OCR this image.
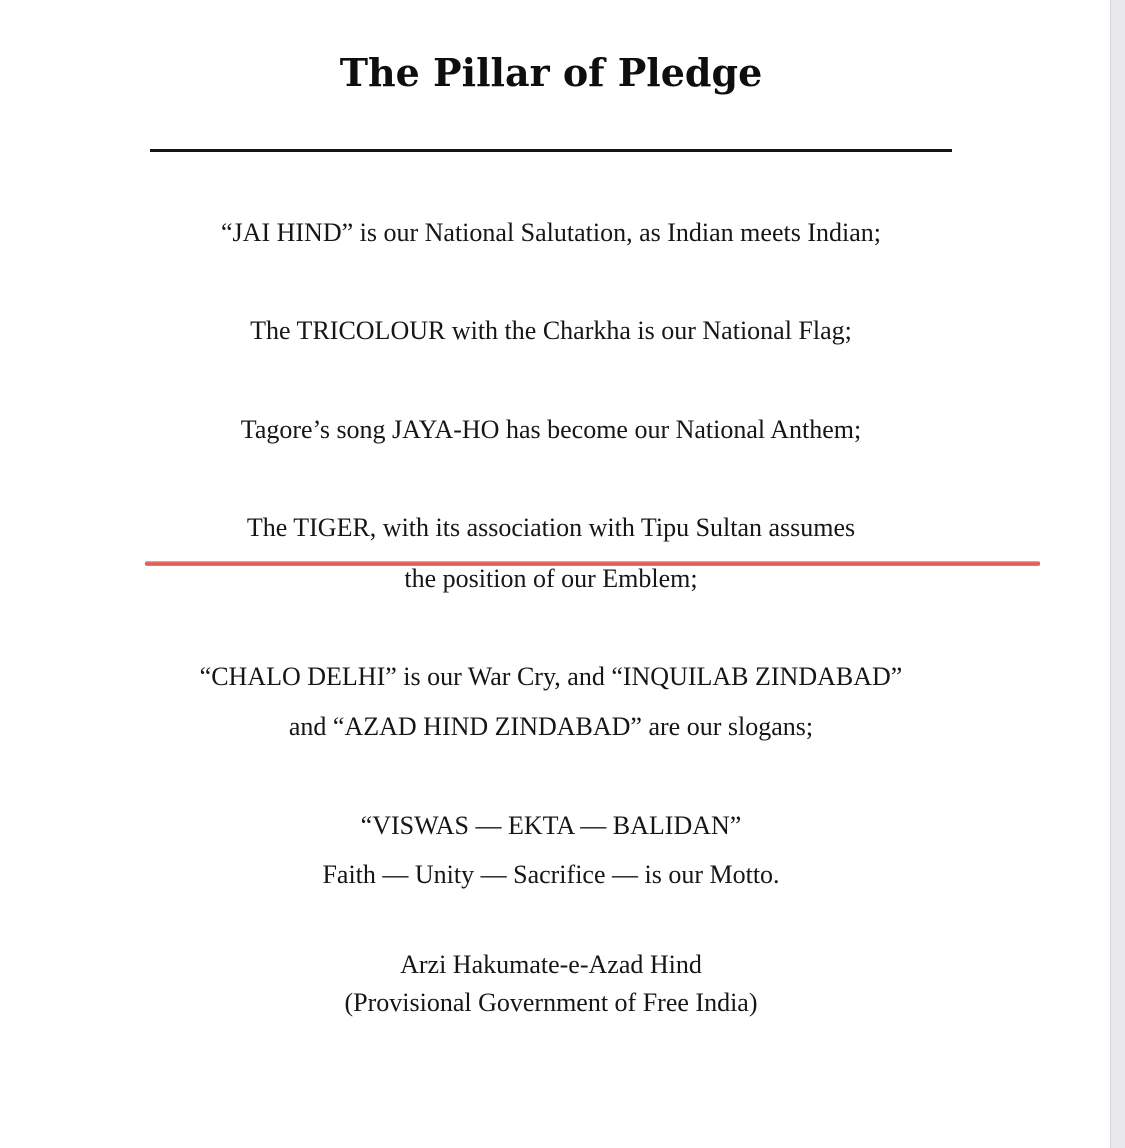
The Pillar of Pledge
“JAI HIND” is our National Salutation, as Indian meets Indian;
The TRICOLOUR with the Charkha is our National Flag;
Tagore’s song JAYA-HO has become our National Anthem;
The TIGER, with its association with Tipu Sultan assumes
the position of our Emblem;
“CHALO DELHI” is our War Cry, and “INQUILAB ZINDABAD”
and “AZAD HIND ZINDABAD” are our slogans;
“VISWAS — EKTA — BALIDAN”
Faith — Unity — Sacrifice — is our Motto.
Arzi Hakumate-e-Azad Hind
(Provisional Government of Free India)
